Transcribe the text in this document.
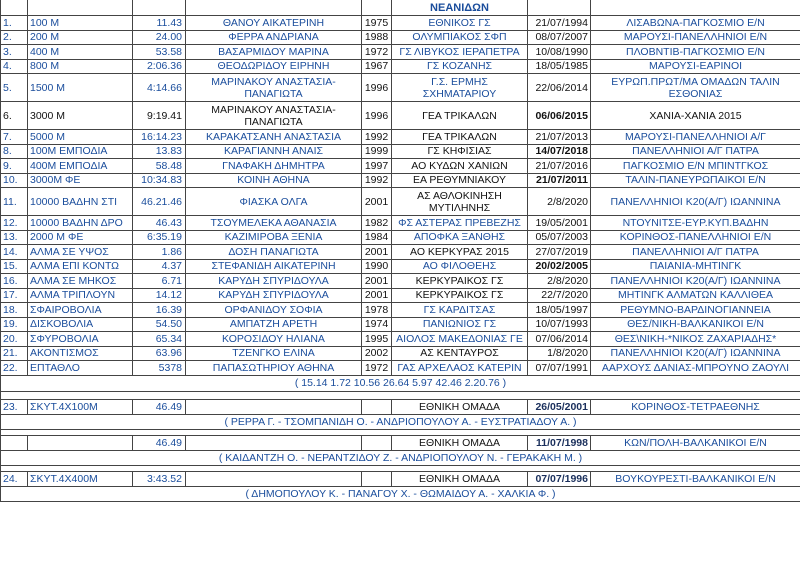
					ΝΕΑΝΙΔΩΝ		
1.	100 Μ	11.43	ΘΑΝΟΥ ΑΙΚΑΤΕΡΙΝΗ	1975	ΕΘΝΙΚΟΣ ΓΣ	21/07/1994	ΛΙΣΑΒΩΝΑ-ΠΑΓΚΟΣΜΙΟ Ε/Ν
2.	200 Μ	24.00	ΦΕΡΡΑ ΑΝΔΡΙΑΝΑ	1988	ΟΛΥΜΠΙΑΚΟΣ ΣΦΠ	08/07/2007	ΜΑΡΟΥΣΙ-ΠΑΝΕΛΛΗΝΙΟΙ Ε/Ν
3.	400 Μ	53.58	ΒΑΣΑΡΜΙΔΟΥ ΜΑΡΙΝΑ	1972	ΓΣ ΛΙΒΥΚΟΣ ΙΕΡΑΠΕΤΡΑ	10/08/1990	ΠΛΟΒΝΤΙΒ-ΠΑΓΚΟΣΜΙΟ Ε/Ν
4.	800 Μ	2:06.36	ΘΕΟΔΩΡΙΔΟΥ ΕΙΡΗΝΗ	1967	ΓΣ ΚΟΖΑΝΗΣ	18/05/1985	ΜΑΡΟΥΣΙ-ΕΑΡΙΝΟΙ
5.	1500 Μ	4:14.66	ΜΑΡΙΝΑΚΟΥ ΑΝΑΣΤΑΣΙΑ-ΠΑΝΑΓΙΩΤΑ	1996	Γ.Σ. ΕΡΜΗΣ ΣΧΗΜΑΤΑΡΙΟΥ	22/06/2014	ΕΥΡΩΠ.ΠΡΩΤ/ΜΑ ΟΜΑΔΩΝ ΤΑΛΙΝ ΕΣΘΟΝΙΑΣ
6.	3000 Μ	9:19.41	ΜΑΡΙΝΑΚΟΥ ΑΝΑΣΤΑΣΙΑ-ΠΑΝΑΓΙΩΤΑ	1996	ΓΕΑ ΤΡΙΚΑΛΩΝ	06/06/2015	ΧΑΝΙΑ-ΧΑΝΙΑ 2015
7.	5000 Μ	16:14.23	ΚΑΡΑΚΑΤΣΑΝΗ ΑΝΑΣΤΑΣΙΑ	1992	ΓΕΑ ΤΡΙΚΑΛΩΝ	21/07/2013	ΜΑΡΟΥΣΙ-ΠΑΝΕΛΛΗΝΙΟΙ Α/Γ
8.	100Μ ΕΜΠΟΔΙΑ	13.83	ΚΑΡΑΓΙΑΝΝΗ ΑΝΑΙΣ	1999	ΓΣ ΚΗΦΙΣΙΑΣ	14/07/2018	ΠΑΝΕΛΛΗΝΙΟΙ Α/Γ ΠΑΤΡΑ
9.	400Μ ΕΜΠΟΔΙΑ	58.48	ΓΝΑΦΑΚΗ ΔΗΜΗΤΡΑ	1997	ΑΟ ΚΥΔΩΝ ΧΑΝΙΩΝ	21/07/2016	ΠΑΓΚΟΣΜΙΟ Ε/Ν ΜΠΙΝΤΓΚΟΣ
10.	3000Μ ΦΕ	10:34.83	ΚΟΙΝΗ ΑΘΗΝΑ	1992	ΕΑ ΡΕΘΥΜΝΙΑΚΟΥ	21/07/2011	ΤΑΛΙΝ-ΠΑΝΕΥΡΩΠΑΙΚΟΙ Ε/Ν
11.	10000 ΒΑΔΗΝ ΣΤΙ	46.21.46	ΦΙΑΣΚΑ ΟΛΓΑ	2001	ΑΣ ΑΘΛΟΚΙΝΗΣΗ ΜΥΤΙΛΗΝΗΣ	2/8/2020	ΠΑΝΕΛΛΗΝΙΟΙ Κ20(Α/Γ) ΙΩΑΝΝΙΝΑ
12.	10000 ΒΑΔΗΝ ΔΡΟ	46.43	ΤΣΟΥΜΕΛΕΚΑ ΑΘΑΝΑΣΙΑ	1982	ΦΣ ΑΣΤΕΡΑΣ ΠΡΕΒΕΖΗΣ	19/05/2001	ΝΤΟΥΝΙΤΣΕ-ΕΥΡ.ΚΥΠ.ΒΑΔΗΝ
13.	2000 Μ ΦΕ	6:35.19	ΚΑΖΙΜΙΡΟΒΑ ΞΕΝΙΑ	1984	ΑΠΟΦΚΑ ΞΑΝΘΗΣ	05/07/2003	ΚΟΡΙΝΘΟΣ-ΠΑΝΕΛΛΗΝΙΟΙ Ε/Ν
14.	ΑΛΜΑ ΣΕ ΥΨΟΣ	1.86	ΔΟΣΗ ΠΑΝΑΓΙΩΤΑ	2001	ΑΟ ΚΕΡΚΥΡΑΣ 2015	27/07/2019	ΠΑΝΕΛΛΗΝΙΟΙ Α/Γ ΠΑΤΡΑ
15.	ΑΛΜΑ ΕΠΙ ΚΟΝΤΩ	4.37	ΣΤΕΦΑΝΙΔΗ ΑΙΚΑΤΕΡΙΝΗ	1990	ΑΟ ΦΙΛΟΘΕΗΣ	20/02/2005	ΠΑΙΑΝΙΑ-ΜΗΤΙΝΓΚ
16.	ΑΛΜΑ ΣΕ ΜΗΚΟΣ	6.71	ΚΑΡΥΔΗ ΣΠΥΡΙΔΟΥΛΑ	2001	ΚΕΡΚΥΡΑΙΚΟΣ ΓΣ	2/8/2020	ΠΑΝΕΛΛΗΝΙΟΙ Κ20(Α/Γ) ΙΩΑΝΝΙΝΑ
17.	ΑΛΜΑ ΤΡΙΠΛΟΥΝ	14.12	ΚΑΡΥΔΗ ΣΠΥΡΙΔΟΥΛΑ	2001	ΚΕΡΚΥΡΑΙΚΟΣ ΓΣ	22/7/2020	ΜΗΤΙΝΓΚ ΑΛΜΑΤΩΝ ΚΑΛΛΙΘΕΑ
18.	ΣΦΑΙΡΟΒΟΛΙΑ	16.39	ΟΡΦΑΝΙΔΟΥ ΣΟΦΙΑ	1978	ΓΣ ΚΑΡΔΙΤΣΑΣ	18/05/1997	ΡΕΘΥΜΝΟ-ΒΑΡΔΙΝΟΓΙΑΝΝΕΙΑ
19.	ΔΙΣΚΟΒΟΛΙΑ	54.50	ΑΜΠΑΤΖΗ ΑΡΕΤΗ	1974	ΠΑΝΙΩΝΙΟΣ ΓΣ	10/07/1993	ΘΕΣ/ΝΙΚΗ-ΒΑΛΚΑΝΙΚΟΙ Ε/Ν
20.	ΣΦΥΡΟΒΟΛΙΑ	65.34	ΚΟΡΟΣΙΔΟΥ ΗΛΙΑΝΑ	1995	ΑΙΟΛΟΣ ΜΑΚΕΔΟΝΙΑΣ ΓΕ	07/06/2014	ΘΕΣ\ΝΙΚΗ-*ΝΙΚΟΣ ΖΑΧΑΡΙΑΔΗΣ*
21.	ΑΚΟΝΤΙΣΜΟΣ	63.96	ΤΖΕΝΓΚΟ ΕΛΙΝΑ	2002	ΑΣ ΚΕΝΤΑΥΡΟΣ	1/8/2020	ΠΑΝΕΛΛΗΝΙΟΙ Κ20(Α/Γ) ΙΩΑΝΝΙΝΑ
22.	ΕΠΤΑΘΛΟ	5378	ΠΑΠΑΣΩΤΗΡΙΟΥ ΑΘΗΝΑ	1972	ΓΑΣ ΑΡΧΕΛΑΟΣ ΚΑΤΕΡΙΝ	07/07/1991	ΑΑΡΧΟΥΣ ΔΑΝΙΑΣ-ΜΠΡΟΥΝΟ ΖΑΟΥΛΙ
( 15.14 1.72 10.56 26.64 5.97 42.46 2.20.76 )							

23.	ΣΚΥΤ.4Χ100Μ	46.49			ΕΘΝΙΚΗ ΟΜΑΔΑ	26/05/2001	ΚΟΡΙΝΘΟΣ-ΤΕΤΡΑΕΘΝΗΣ
( ΡΕΡΡΑ Γ. - ΤΣΟΜΠΑΝΙΔΗ Ο. - ΑΝΔΡΙΟΠΟΥΛΟΥ Α. - ΕΥΣΤΡΑΤΙΑΔΟΥ Α. )							

		46.49			ΕΘΝΙΚΗ ΟΜΑΔΑ	11/07/1998	ΚΩΝ/ΠΟΛΗ-ΒΑΛΚΑΝΙΚΟΙ Ε/Ν
( ΚΑΙΔΑΝΤΖΗ Ο. - ΝΕΡΑΝΤΖΙΔΟΥ Ζ. - ΑΝΔΡΙΟΠΟΥΛΟΥ Ν. - ΓΕΡΑΚΑΚΗ Μ. )							

24.	ΣΚΥΤ.4Χ400Μ	3:43.52			ΕΘΝΙΚΗ ΟΜΑΔΑ	07/07/1996	ΒΟΥΚΟΥΡΕΣΤΙ-ΒΑΛΚΑΝΙΚΟΙ Ε/Ν
( ΔΗΜΟΠΟΥΛΟΥ Κ. - ΠΑΝΑΓΟΥ Χ. - ΘΩΜΑΙΔΟΥ Α. - ΧΑΛΚΙΑ Φ. )							
